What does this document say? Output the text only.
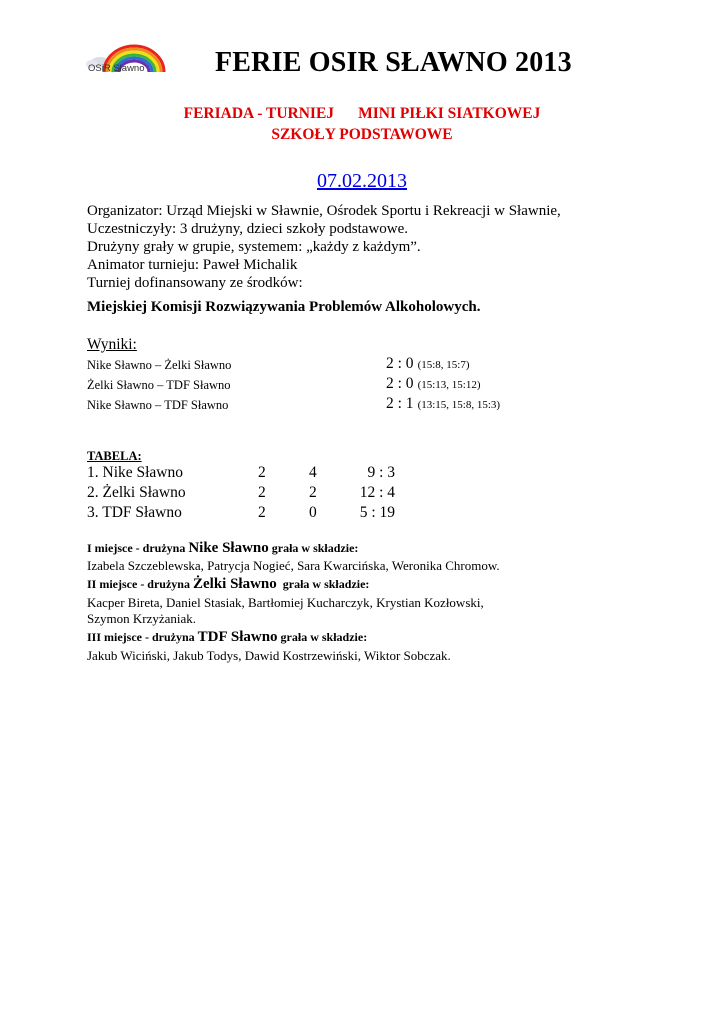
OSiR Sławno	FERIE OSIR SŁAWNO 2013
FERIADA - TURNIEJ MINI PIŁKI SIATKOWEJ
SZKOŁY PODSTAWOWE
07.02.2013
Organizator: Urząd Miejski w Sławnie, Ośrodek Sportu i Rekreacji w Sławnie,
Uczestniczyły: 3 drużyny, dzieci szkoły podstawowe.
Drużyny grały w grupie, systemem: „każdy z każdym”.
Animator turnieju: Paweł Michalik
Turniej dofinansowany ze środków:
Miejskiej Komisji Rozwiązywania Problemów Alkoholowych.
Wyniki:
Nike Sławno – Żelki Sławno	2 : 0 (15:8, 15:7)
Żelki Sławno – TDF Sławno	2 : 0 (15:13, 15:12)
Nike Sławno – TDF Sławno	2 : 1 (13:15, 15:8, 15:3)
TABELA:
1. Nike Sławno	2	4	9 : 3
2. Żelki Sławno	2	2	12 : 4
3. TDF Sławno	2	0	5 : 19
I miejsce - drużyna Nike Sławno grała w składzie:
Izabela Szczeblewska, Patrycja Nogieć, Sara Kwarcińska, Weronika Chromow.
II miejsce - drużyna Żelki Sławno grała w składzie:
Kacper Bireta, Daniel Stasiak, Bartłomiej Kucharczyk, Krystian Kozłowski,
Szymon Krzyżaniak.
III miejsce - drużyna TDF Sławno grała w składzie:
Jakub Wiciński, Jakub Todys, Dawid Kostrzewiński, Wiktor Sobczak.
